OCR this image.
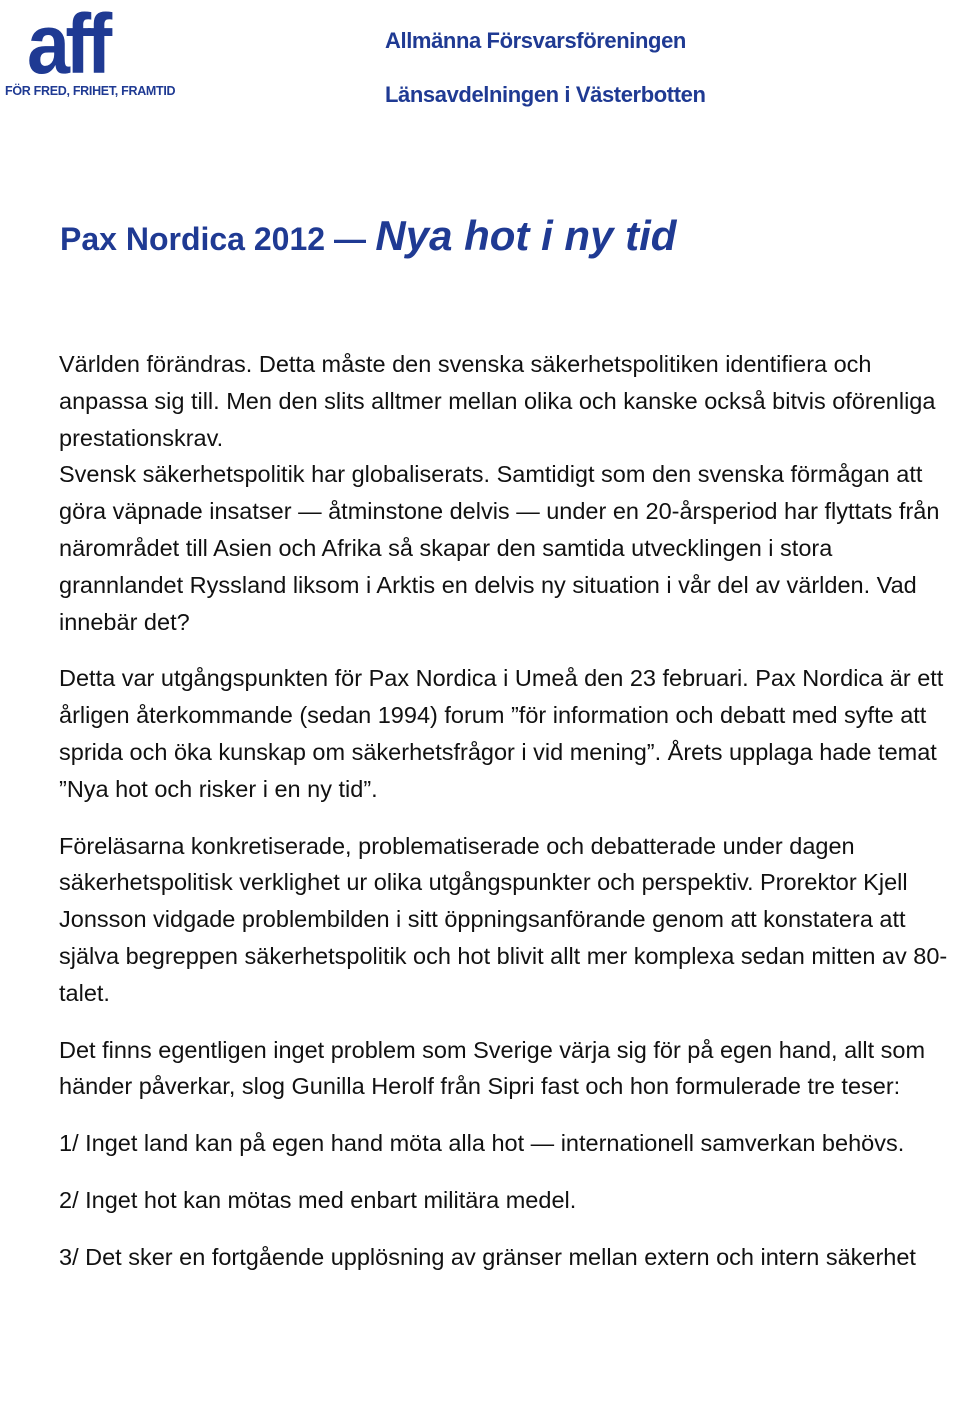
aff
FÖR FRED, FRIHET, FRAMTID
Allmänna Försvarsföreningen
Länsavdelningen i Västerbotten
Pax Nordica 2012 — Nya hot i ny tid

Världen förändras. Detta måste den svenska säkerhetspolitiken identifiera och anpassa sig till. Men den slits alltmer mellan olika och kanske också bitvis oförenliga prestationskrav.

Svensk säkerhetspolitik har globaliserats. Samtidigt som den svenska förmågan att göra väpnade insatser — åtminstone delvis — under en 20-årsperiod har flyttats från närområdet till Asien och Afrika så skapar den samtida utvecklingen i stora grannlandet Ryssland liksom i Arktis en delvis ny situation i vår del av världen. Vad innebär det?

Detta var utgångspunkten för Pax Nordica i Umeå den 23 februari. Pax Nordica är ett årligen återkommande (sedan 1994) forum ”för information och debatt med syfte att sprida och öka kunskap om säkerhetsfrågor i vid mening”. Årets upplaga hade temat ”Nya hot och risker i en ny tid”.

Föreläsarna konkretiserade, problematiserade och debatterade under dagen säkerhetspolitisk verklighet ur olika utgångspunkter och perspektiv. Prorektor Kjell Jonsson vidgade problembilden i sitt öppningsanförande genom att konstatera att själva begreppen säkerhetspolitik och hot blivit allt mer komplexa sedan mitten av 80-talet.

Det finns egentligen inget problem som Sverige värja sig för på egen hand, allt som händer påverkar, slog Gunilla Herolf från Sipri fast och hon formulerade tre teser:

1/ Inget land kan på egen hand möta alla hot — internationell samverkan behövs.

2/ Inget hot kan mötas med enbart militära medel.

3/ Det sker en fortgående upplösning av gränser mellan extern och intern säkerhet
